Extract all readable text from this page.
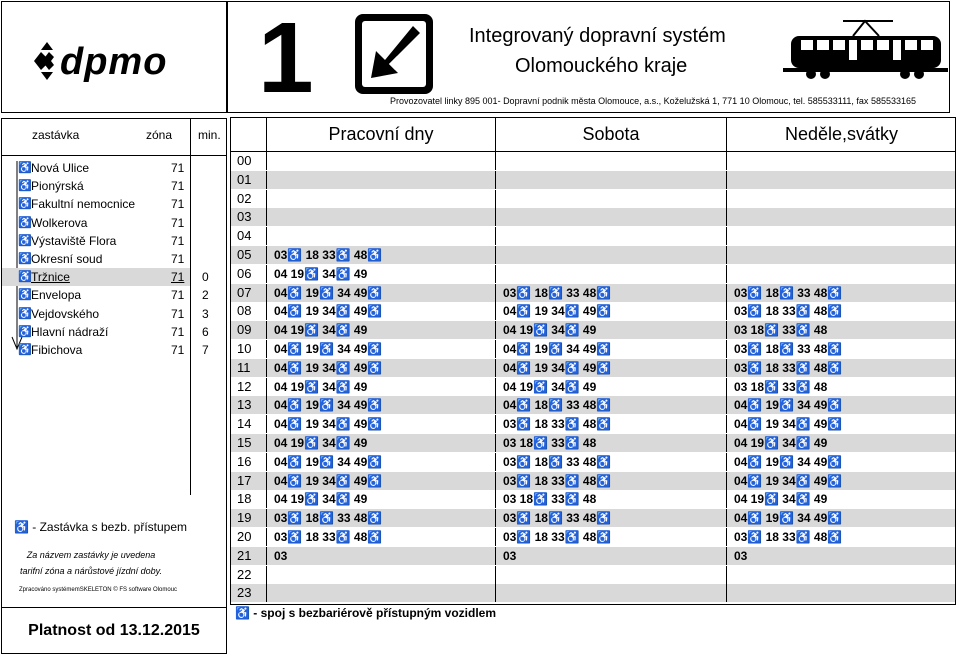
dpmo 1	Integrovaný dopravní systém
Olomouckého kraje
Provozovatel linky 895 001- Dopravní podnik města Olomouce, a.s., Koželužská 1, 771 10 Olomouc, tel. 585533111, fax 585533165
zastávka	zóna min.
♿ Nová Ulice	71
♿ Pionýrská	71
♿ Fakultní nemocnice	71
♿ Wolkerova	71
♿ Výstaviště Flora	71
♿ Okresní soud	71
♿ Tržnice	71 0
♿ Envelopa	71 2
♿ Vejdovského	71 3
♿ Hlavní nádraží	71 6
♿ Fibichova	71 7
♿ - Zastávka s bezb. přístupem
Za názvem zastávky je uvedena tarifní zóna a nárůstové jízdní doby.
Zpracováno systémemSKELETON © FS software Olomouc
Platnost od 13.12.2015
Pracovní dny	Sobota	Neděle,svátky
00
01
02
03
04
05	03♿ 18 33♿ 48♿
06	04 19♿ 34♿ 49
07	04♿ 19♿ 34 49♿	03♿ 18♿ 33 48♿	03♿ 18♿ 33 48♿
08	04♿ 19 34♿ 49♿	04♿ 19 34♿ 49♿	03♿ 18 33♿ 48♿
09	04 19♿ 34♿ 49	04 19♿ 34♿ 49	03 18♿ 33♿ 48
10	04♿ 19♿ 34 49♿	04♿ 19♿ 34 49♿	03♿ 18♿ 33 48♿
11	04♿ 19 34♿ 49♿	04♿ 19 34♿ 49♿	03♿ 18 33♿ 48♿
12	04 19♿ 34♿ 49	04 19♿ 34♿ 49	03 18♿ 33♿ 48
13	04♿ 19♿ 34 49♿	04♿ 18♿ 33 48♿	04♿ 19♿ 34 49♿
14	04♿ 19 34♿ 49♿	03♿ 18 33♿ 48♿	04♿ 19 34♿ 49♿
15	04 19♿ 34♿ 49	03 18♿ 33♿ 48	04 19♿ 34♿ 49
16	04♿ 19♿ 34 49♿	03♿ 18♿ 33 48♿	04♿ 19♿ 34 49♿
17	04♿ 19 34♿ 49♿	03♿ 18 33♿ 48♿	04♿ 19 34♿ 49♿
18	04 19♿ 34♿ 49	03 18♿ 33♿ 48	04 19♿ 34♿ 49
19	03♿ 18♿ 33 48♿	03♿ 18♿ 33 48♿	04♿ 19♿ 34 49♿
20	03♿ 18 33♿ 48♿	03♿ 18 33♿ 48♿	03♿ 18 33♿ 48♿
21	03	03	03
22
23
♿ - spoj s bezbariérově přístupným vozidlem
